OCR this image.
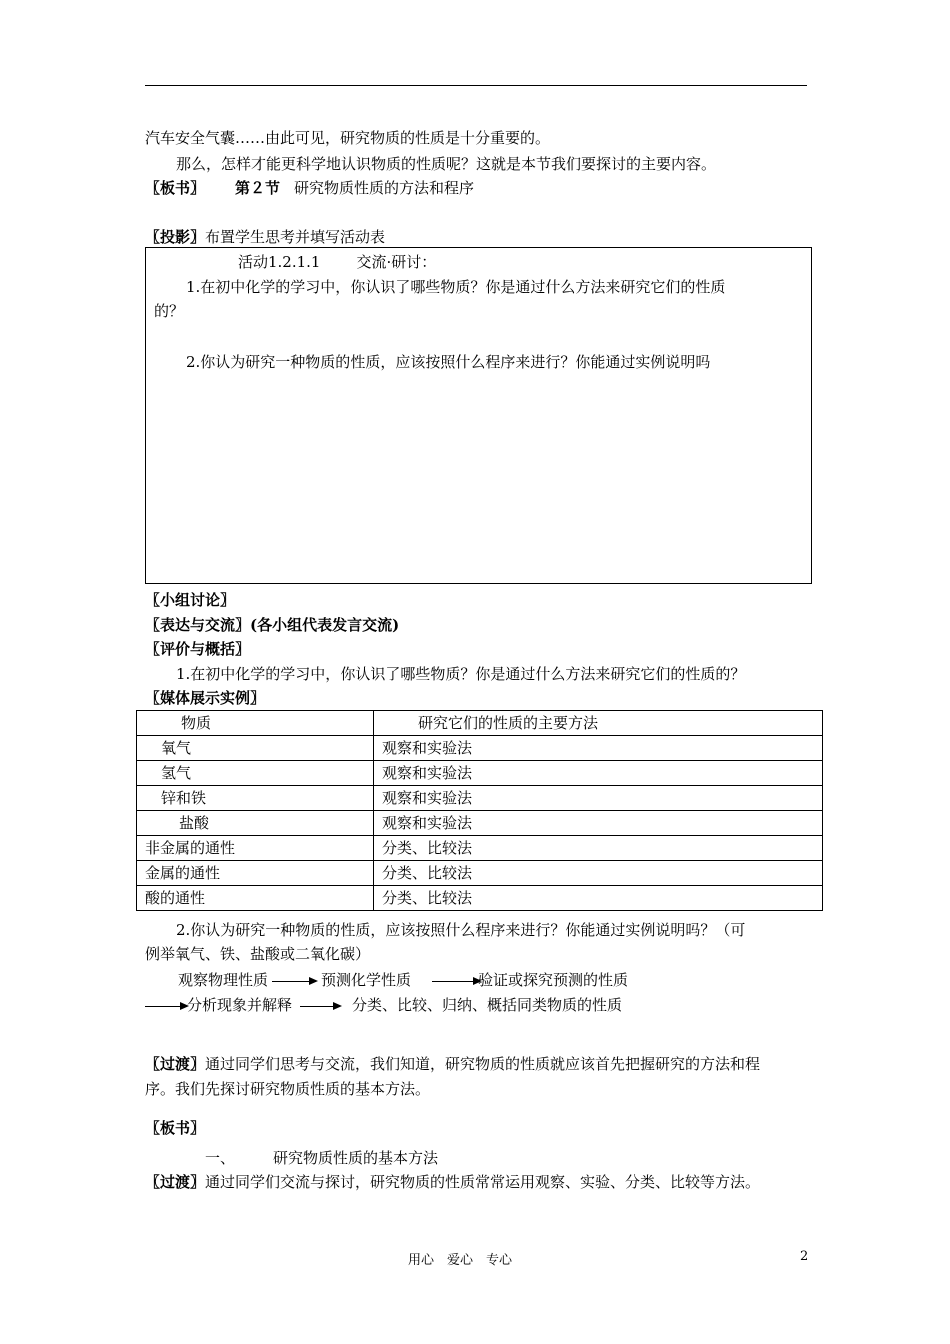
汽车安全气囊……由此可见，研究物质的性质是十分重要的。
那么，怎样才能更科学地认识物质的性质呢？这就是本节我们要探讨的主要内容。
〖板书〗 第２节 研究物质性质的方法和程序
〖投影〗布置学生思考并填写活动表
活动1.2.1.1 交流·研讨：
1.在初中化学的学习中，你认识了哪些物质？你是通过什么方法来研究它们的性质
的？
2.你认为研究一种物质的性质，应该按照什么程序来进行？你能通过实例说明吗
〖小组讨论〗
〖表达与交流〗(各小组代表发言交流)
〖评价与概括〗
1.在初中化学的学习中，你认识了哪些物质？你是通过什么方法来研究它们的性质的？
〖媒体展示实例〗
物质	研究它们的性质的主要方法
氧气	观察和实验法
氢气	观察和实验法
锌和铁	观察和实验法
盐酸	观察和实验法
非金属的通性	分类、比较法
金属的通性	分类、比较法
酸的通性	分类、比较法
2.你认为研究一种物质的性质，应该按照什么程序来进行？你能通过实例说明吗？（可
例举氧气、铁、盐酸或二氧化碳）
观察物理性质	预测化学性质	验证或探究预测的性质
分析现象并解释	分类、比较、归纳、概括同类物质的性质
〖过渡〗通过同学们思考与交流，我们知道，研究物质的性质就应该首先把握研究的方法和程
序。我们先探讨研究物质性质的基本方法。
〖板书〗
一、	研究物质性质的基本方法
〖过渡〗通过同学们交流与探讨，研究物质的性质常常运用观察、实验、分类、比较等方法。
用心　爱心　专心	2
